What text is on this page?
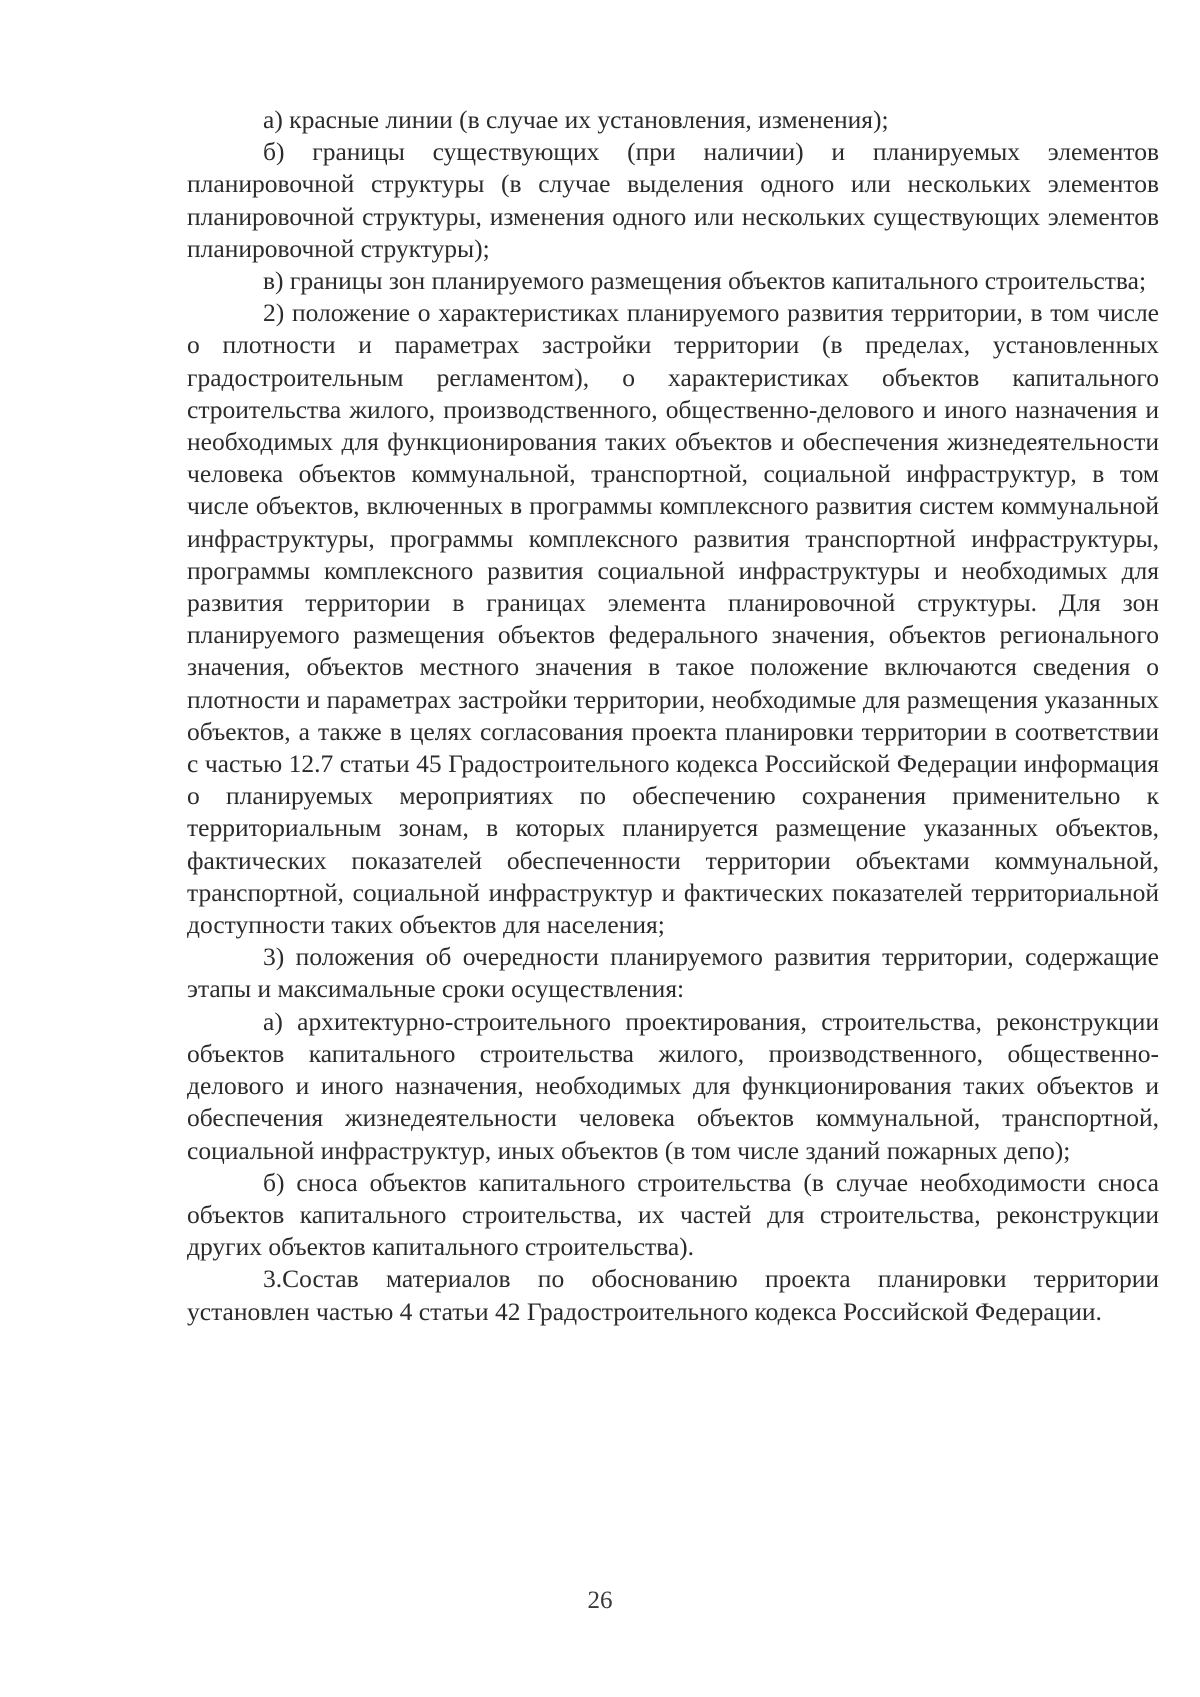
а) красные линии (в случае их установления, изменения);

б) границы существующих (при наличии) и планируемых элементов планировочной структуры (в случае выделения одного или нескольких элементов планировочной структуры, изменения одного или нескольких существующих элементов планировочной структуры);

в) границы зон планируемого размещения объектов капитального строительства;

2) положение о характеристиках планируемого развития территории, в том числе о плотности и параметрах застройки территории (в пределах, установленных градостроительным регламентом), о характеристиках объектов капитального строительства жилого, производственного, общественно-делового и иного назначения и необходимых для функционирования таких объектов и обеспечения жизнедеятельности человека объектов коммунальной, транспортной, социальной инфраструктур, в том числе объектов, включенных в программы комплексного развития систем коммунальной инфраструктуры, программы комплексного развития транспортной инфраструктуры, программы комплексного развития социальной инфраструктуры и необходимых для развития территории в границах элемента планировочной структуры. Для зон планируемого размещения объектов федерального значения, объектов регионального значения, объектов местного значения в такое положение включаются сведения о плотности и параметрах застройки территории, необходимые для размещения указанных объектов, а также в целях согласования проекта планировки территории в соответствии с частью 12.7 статьи 45 Градостроительного кодекса Российской Федерации информация о планируемых мероприятиях по обеспечению сохранения применительно к территориальным зонам, в которых планируется размещение указанных объектов, фактических показателей обеспеченности территории объектами коммунальной, транспортной, социальной инфраструктур и фактических показателей территориальной доступности таких объектов для населения;

3) положения об очередности планируемого развития территории, содержащие этапы и максимальные сроки осуществления:

а) архитектурно-строительного проектирования, строительства, реконструкции объектов капитального строительства жилого, производственного, общественно-делового и иного назначения, необходимых для функционирования таких объектов и обеспечения жизнедеятельности человека объектов коммунальной, транспортной, социальной инфраструктур, иных объектов (в том числе зданий пожарных депо);

б) сноса объектов капитального строительства (в случае необходимости сноса объектов капитального строительства, их частей для строительства, реконструкции других объектов капитального строительства).

3.Состав материалов по обоснованию проекта планировки территории установлен частью 4 статьи 42 Градостроительного кодекса Российской Федерации.

26
